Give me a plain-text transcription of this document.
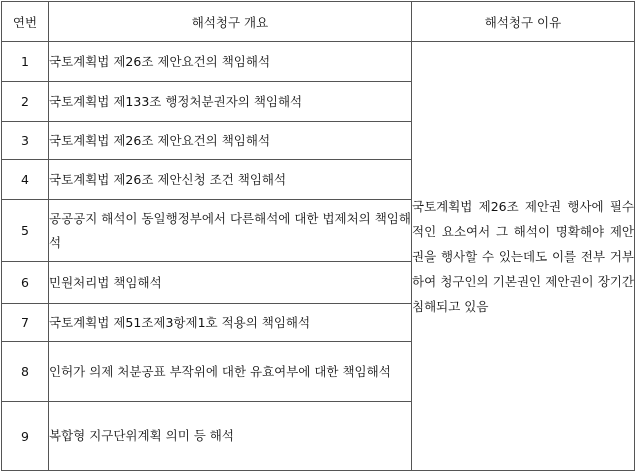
연번	해석청구 개요	해석청구 이유
1	국토계획법 제26조 제안요건의 책임해석	국토계획법 제26조 제안권 행사에 필수적인 요소여서 그 해석이 명확해야 제안권을 행사할 수 있는데도 이를 전부 거부하여 청구인의 기본권인 제안권이 장기간 침해되고 있음
2	국토계획법 제133조 행정처분권자의 책임해석	
3	국토계획법 제26조 제안요건의 책임해석	
4	국토계획법 제26조 제안신청 조건 책임해석	
5	공공공지 해석이 동일행정부에서 다른해석에 대한 법제처의 책임해석	
6	민원처리법 책임해석	
7	국토계획법 제51조제3항제1호 적용의 책임해석	
8	인허가 의제 처분공표 부작위에 대한 유효여부에 대한 책임해석	
9	복합형 지구단위계획 의미 등 해석	
